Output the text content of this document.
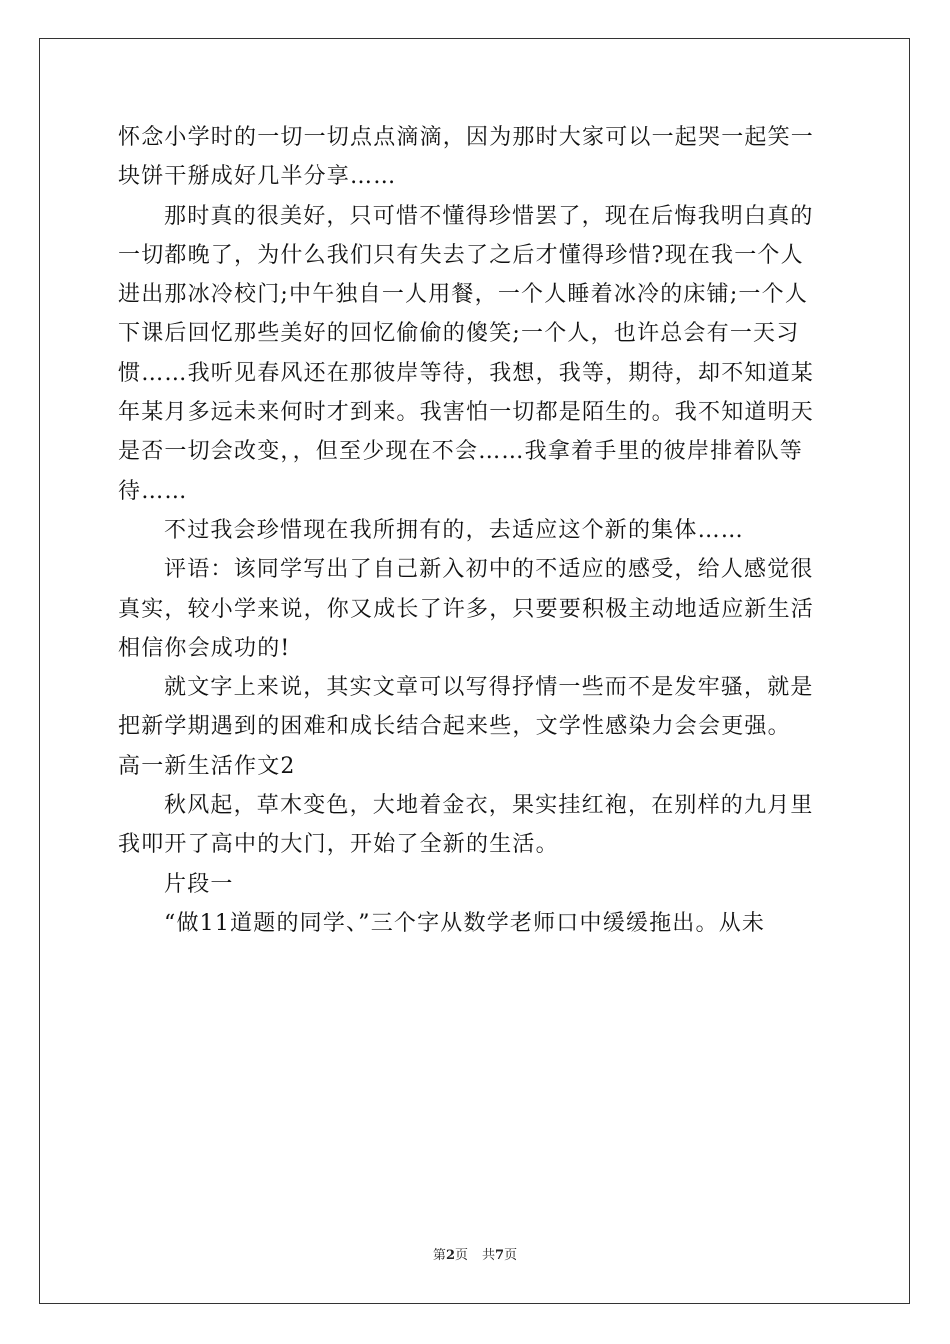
怀念小学时的一切一切点点滴滴，因为那时大家可以一起哭一起笑一
块饼干掰成好几半分享……
那时真的很美好，只可惜不懂得珍惜罢了，现在后悔我明白真的
一切都晚了，为什么我们只有失去了之后才懂得珍惜?现在我一个人
进出那冰冷校门;中午独自一人用餐，一个人睡着冰冷的床铺;一个人
下课后回忆那些美好的回忆偷偷的傻笑;一个人，也许总会有一天习
惯……我听见春风还在那彼岸等待，我想，我等，期待，却不知道某
年某月多远未来何时才到来。我害怕一切都是陌生的。我不知道明天
是否一切会改变，，但至少现在不会……我拿着手里的彼岸排着队等
待……
不过我会珍惜现在我所拥有的，去适应这个新的集体……
评语：该同学写出了自己新入初中的不适应的感受，给人感觉很
真实，较小学来说，你又成长了许多，只要要积极主动地适应新生活
相信你会成功的!
就文字上来说，其实文章可以写得抒情一些而不是发牢骚，就是
把新学期遇到的困难和成长结合起来些，文学性感染力会会更强。
高一新生活作文2
秋风起，草木变色，大地着金衣，果实挂红袍，在别样的九月里
我叩开了高中的大门，开始了全新的生活。
片段一
“做11道题的同学、”三个字从数学老师口中缓缓拖出。从未
第2页 共7页
